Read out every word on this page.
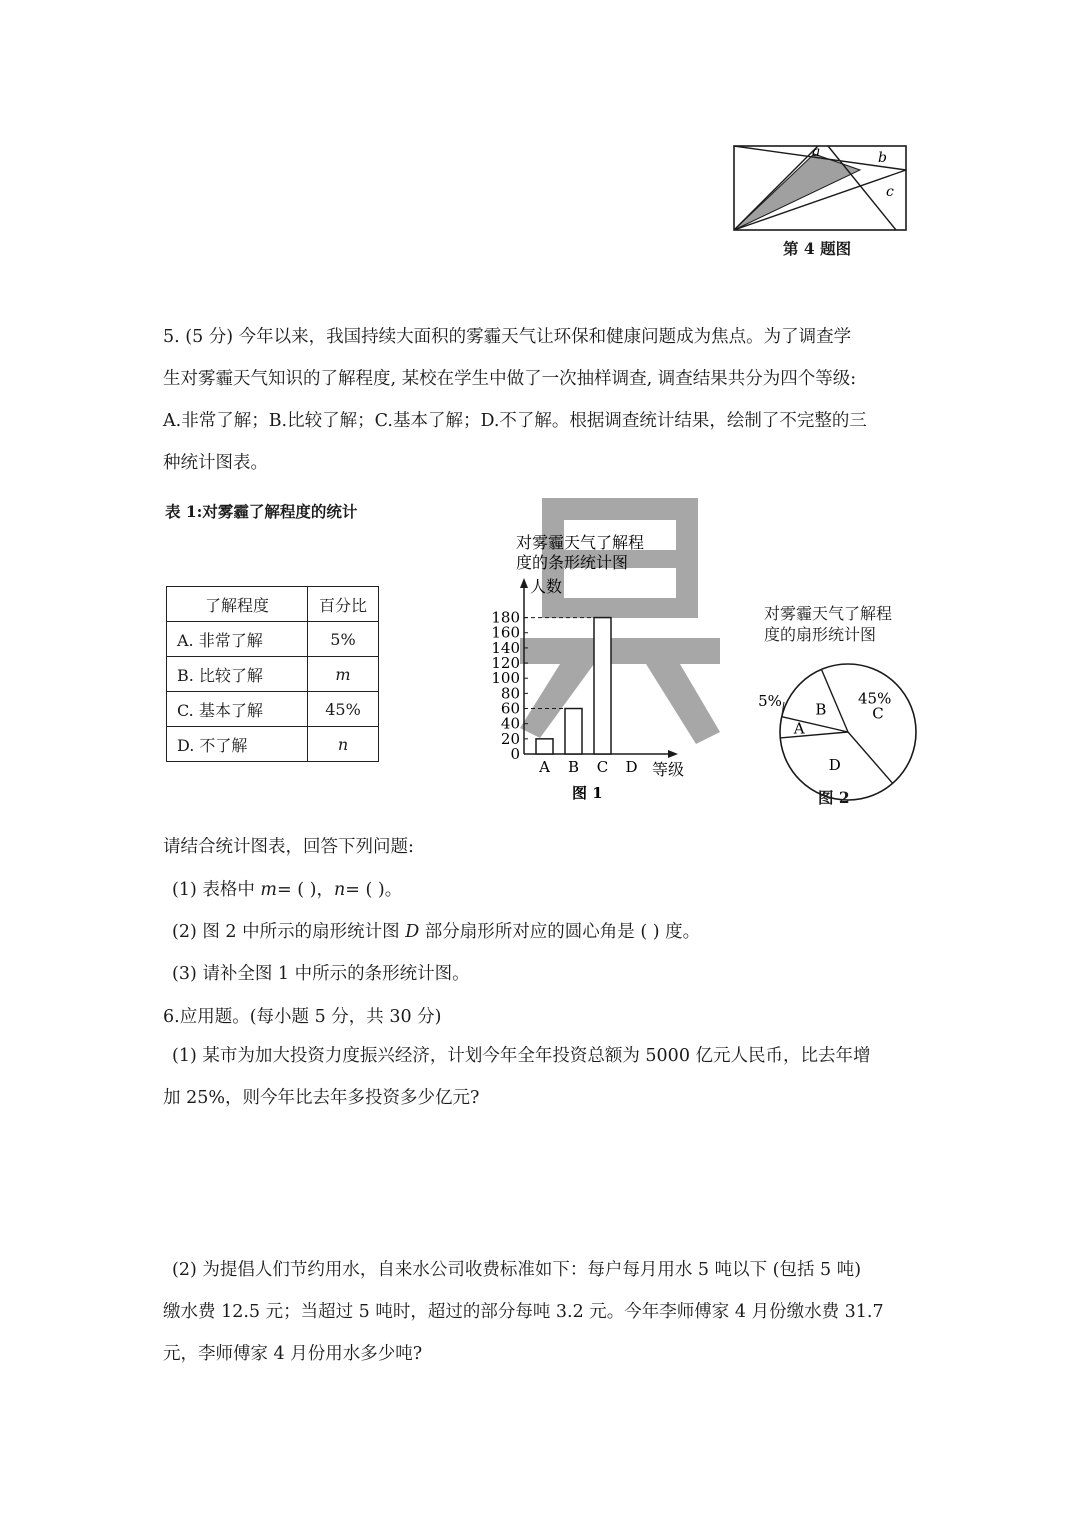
a	b
c
第 4 题图

5. (5 分) 今年以来，我国持续大面积的雾霾天气让环保和健康问题成为焦点。为了调查学

生对雾霾天气知识的了解程度, 某校在学生中做了一次抽样调查, 调查结果共分为四个等级:

A.非常了解；B.比较了解；C.基本了解；D.不了解。根据调查统计结果，绘制了不完整的三

种统计图表。

表 1:对雾霾了解程度的统计
了解程度	百分比
A. 非常了解	5%
B. 比较了解	m
C. 基本了解	45%
D. 不了解	n
对雾霾天气了解程
度的条形统计图
人数
等级
图 1
0
20
40
60
80
100
120
140
160
180
A B C D
对雾霾天气了解程
度的扇形统计图
A
5% B	C
45%
D
图 2
请结合统计图表，回答下列问题:
(1) 表格中 m= ( )，n= ( )。
(2) 图 2 中所示的扇形统计图 D 部分扇形所对应的圆心角是 ( ) 度。
(3) 请补全图 1 中所示的条形统计图。
6.应用题。(每小题 5 分，共 30 分)

(1) 某市为加大投资力度振兴经济，计划今年全年投资总额为 5000 亿元人民币，比去年增

加 25%，则今年比去年多投资多少亿元?

(2) 为提倡人们节约用水，自来水公司收费标准如下：每户每月用水 5 吨以下 (包括 5 吨)

缴水费 12.5 元；当超过 5 吨时，超过的部分每吨 3.2 元。今年李师傅家 4 月份缴水费 31.7

元，李师傅家 4 月份用水多少吨?
